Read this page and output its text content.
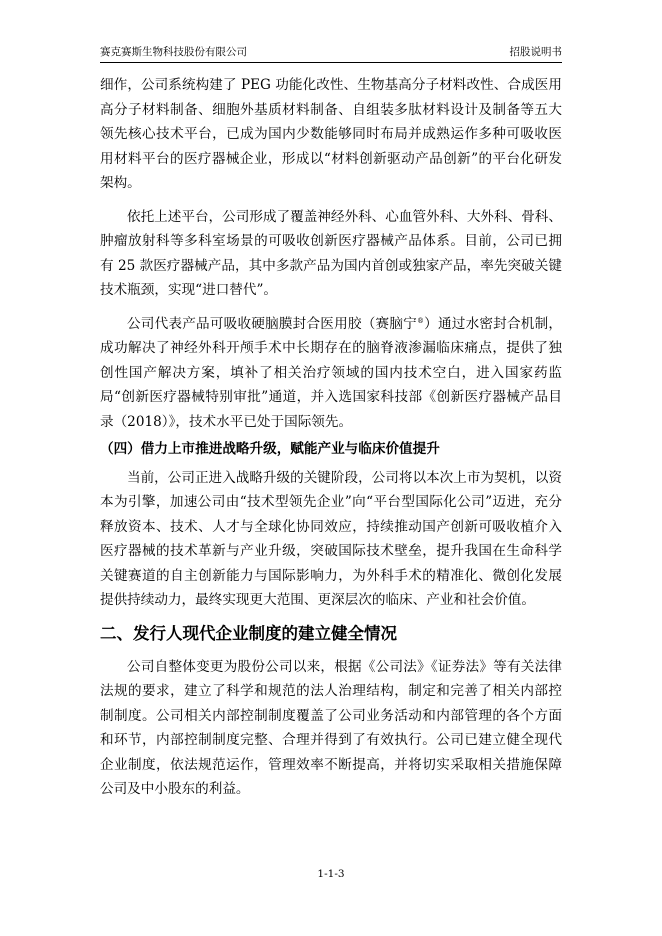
赛克赛斯生物科技股份有限公司	招股说明书

细作，公司系统构建了 PEG 功能化改性、生物基高分子材料改性、合成医用高分子材料制备、细胞外基质材料制备、自组装多肽材料设计及制备等五大领先核心技术平台，已成为国内少数能够同时布局并成熟运作多种可吸收医用材料平台的医疗器械企业，形成以“材料创新驱动产品创新”的平台化研发架构。

依托上述平台，公司形成了覆盖神经外科、心血管外科、大外科、骨科、肿瘤放射科等多科室场景的可吸收创新医疗器械产品体系。目前，公司已拥有 25 款医疗器械产品，其中多款产品为国内首创或独家产品，率先突破关键技术瓶颈，实现“进口替代”。

公司代表产品可吸收硬脑膜封合医用胶（赛脑宁®）通过水密封合机制，成功解决了神经外科开颅手术中长期存在的脑脊液渗漏临床痛点，提供了独创性国产解决方案，填补了相关治疗领域的国内技术空白，进入国家药监局“创新医疗器械特别审批”通道，并入选国家科技部《创新医疗器械产品目录（2018）》，技术水平已处于国际领先。

（四）借力上市推进战略升级，赋能产业与临床价值提升

当前，公司正进入战略升级的关键阶段，公司将以本次上市为契机，以资本为引擎，加速公司由“技术型领先企业”向“平台型国际化公司”迈进，充分释放资本、技术、人才与全球化协同效应，持续推动国产创新可吸收植介入医疗器械的技术革新与产业升级，突破国际技术壁垒，提升我国在生命科学关键赛道的自主创新能力与国际影响力，为外科手术的精准化、微创化发展提供持续动力，最终实现更大范围、更深层次的临床、产业和社会价值。

二、发行人现代企业制度的建立健全情况

公司自整体变更为股份公司以来，根据《公司法》《证券法》等有关法律法规的要求，建立了科学和规范的法人治理结构，制定和完善了相关内部控制制度。公司相关内部控制制度覆盖了公司业务活动和内部管理的各个方面和环节，内部控制制度完整、合理并得到了有效执行。公司已建立健全现代企业制度，依法规范运作，管理效率不断提高，并将切实采取相关措施保障公司及中小股东的利益。

1-1-3
